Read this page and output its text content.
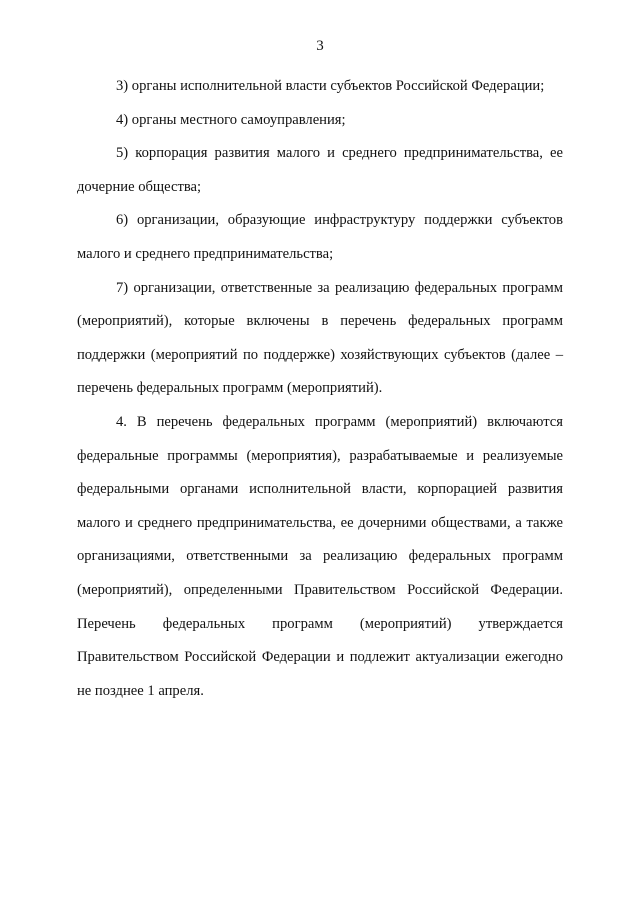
3

3) органы исполнительной власти субъектов Российской Федерации;

4) органы местного самоуправления;

5) корпорация развития малого и среднего предпринимательства, ее дочерние общества;

6) организации, образующие инфраструктуру поддержки субъектов малого и среднего предпринимательства;

7) организации, ответственные за реализацию федеральных программ (мероприятий), которые включены в перечень федеральных программ поддержки (мероприятий по поддержке) хозяйствующих субъектов (далее – перечень федеральных программ (мероприятий).

4. В перечень федеральных программ (мероприятий) включаются федеральные программы (мероприятия), разрабатываемые и реализуемые федеральными органами исполнительной власти, корпорацией развития малого и среднего предпринимательства, ее дочерними обществами, а также организациями, ответственными за реализацию федеральных программ (мероприятий), определенными Правительством Российской Федерации. Перечень федеральных программ (мероприятий) утверждается Правительством Российской Федерации и подлежит актуализации ежегодно не позднее 1 апреля.
